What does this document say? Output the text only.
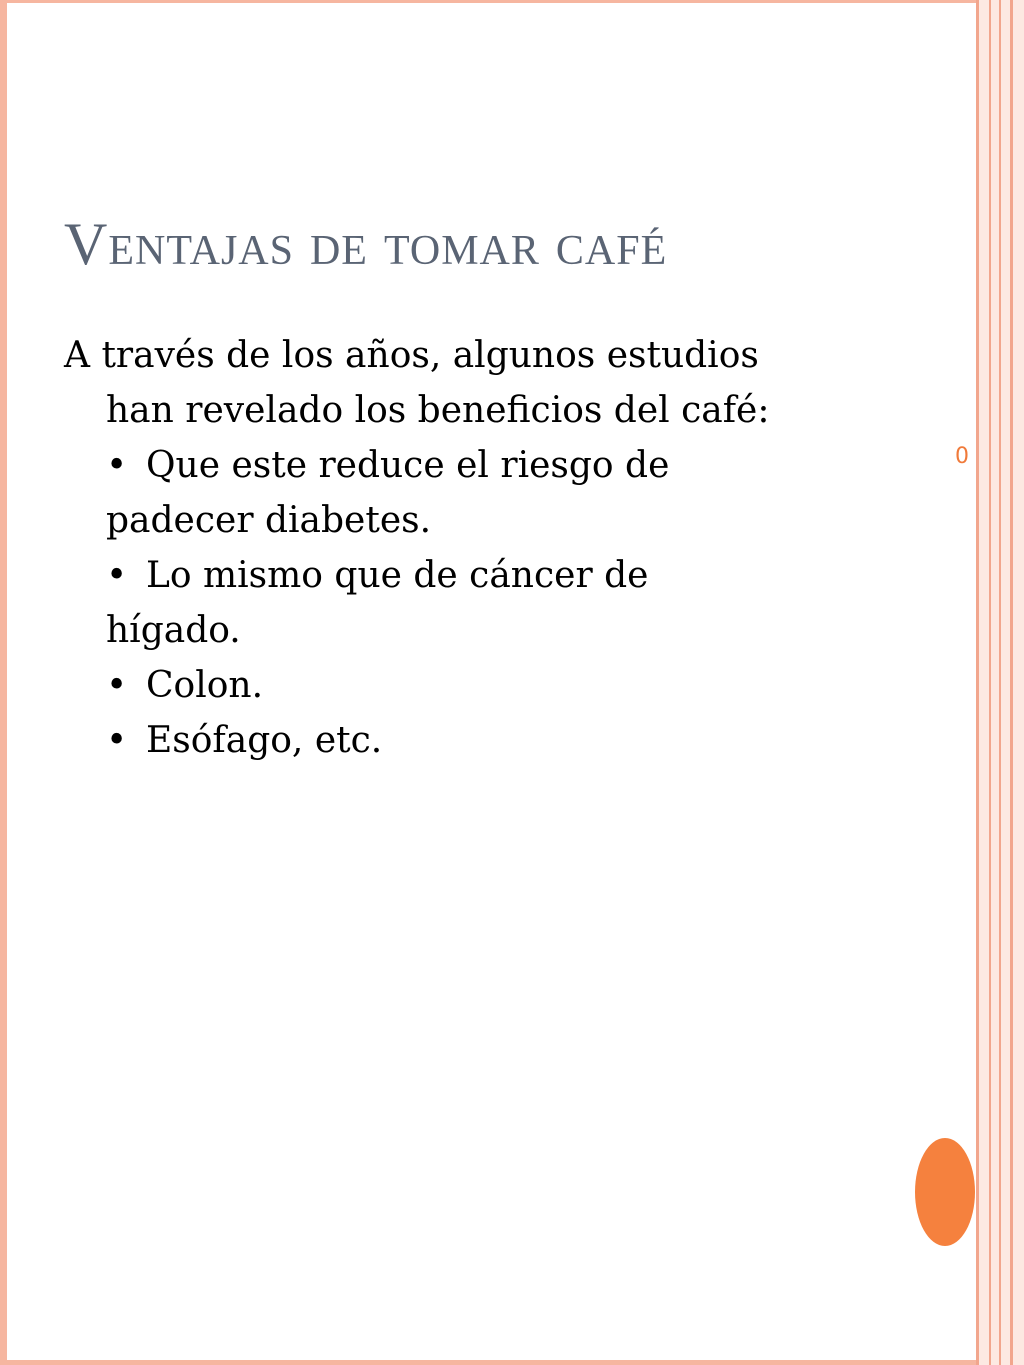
Ventajas de tomar café
A través de los años, algunos estudios
han revelado los beneficios del café:
• Que este reduce el riesgo de
padecer diabetes.
• Lo mismo que de cáncer de
hígado.
• Colon.
• Esófago, etc.
0
